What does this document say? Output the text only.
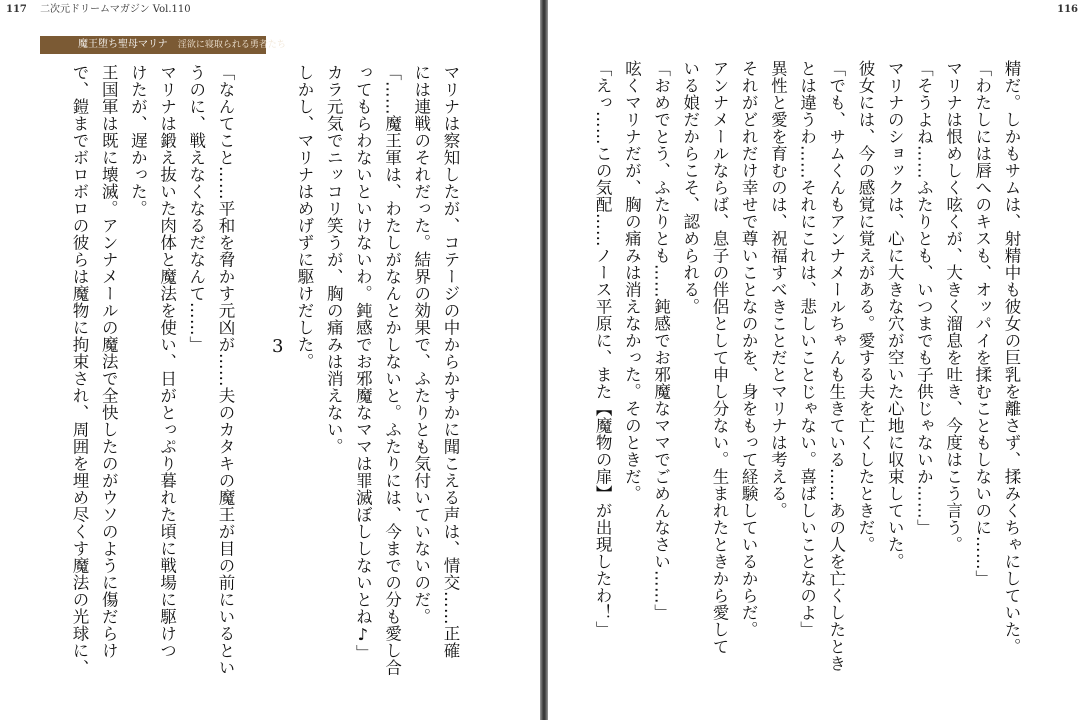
117 二次元ドリームマガジン Vol.110
魔王堕ち聖母マリナ 淫欲に寝取られる勇者たち
マリナは察知したが、コテージの中からかすかに聞こえる声は、情交……正確
には連戦のそれだった。結界の効果で、ふたりとも気付いていないのだ。
「……魔王軍は、わたしがなんとかしないと。ふたりには、今までの分も愛し合
ってもらわないといけないわ。鈍感でお邪魔なママは罪滅ぼししないとね♪」
カラ元気でニッコリ笑うが、胸の痛みは消えない。
しかし、マリナはめげずに駆けだした。
3
「なんてこと……平和を脅かす元凶が……夫のカタキの魔王が目の前にいるとい
うのに、戦えなくなるだなんて……」
マリナは鍛え抜いた肉体と魔法を使い、日がとっぷり暮れた頃に戦場に駆けつ
けたが、遅かった。
王国軍は既に壊滅。アンナメールの魔法で全快したのがウソのように傷だらけ
で、鎧までボロボロの彼らは魔物に拘束され、周囲を埋め尽くす魔法の光球に、
116
精だ。しかもサムは、射精中も彼女の巨乳を離さず、揉みくちゃにしていた。
「わたしには唇へのキスも、オッパイを揉むこともしないのに……」
マリナは恨めしく呟くが、大きく溜息を吐き、今度はこう言う。
「そうよね……ふたりとも、いつまでも子供じゃないか……」
マリナのショックは、心に大きな穴が空いた心地に収束していた。
彼女には、今の感覚に覚えがある。愛する夫を亡くしたときだ。
「でも、サムくんもアンナメールちゃんも生きている……あの人を亡くしたとき
とは違うわ……それにこれは、悲しいことじゃない。喜ばしいことなのよ」
異性と愛を育むのは、祝福すべきことだとマリナは考える。
それがどれだけ幸せで尊いことなのかを、身をもって経験しているからだ。
アンナメールならば、息子の伴侶として申し分ない。生まれたときから愛して
いる娘だからこそ、認められる。
「おめでとう、ふたりとも……鈍感でお邪魔なママでごめんなさい……」
呟くマリナだが、胸の痛みは消えなかった。そのときだ。
「えっ……この気配……ノース平原に、また【魔物の扉】が出現したわ！」
